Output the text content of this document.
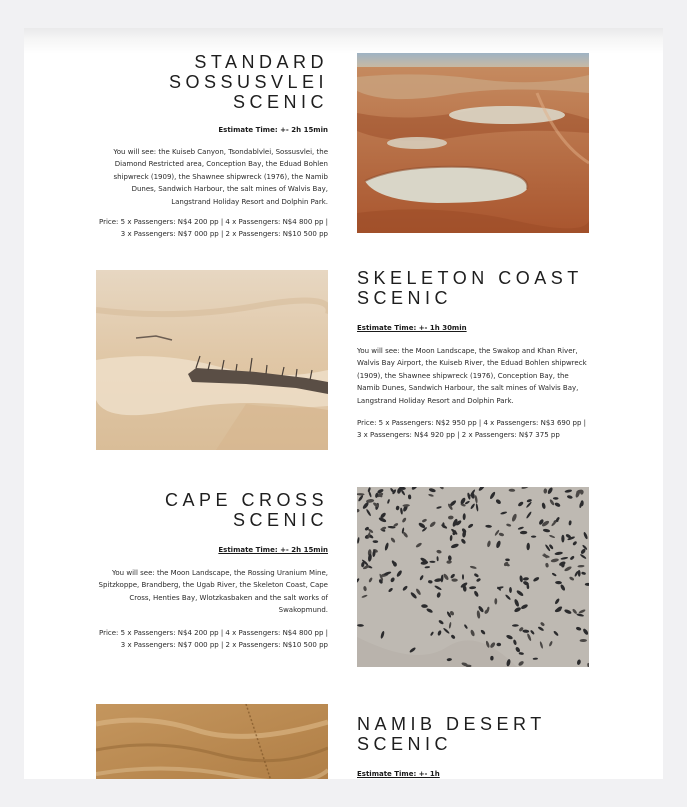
STANDARD
SOSSUSVLEI SCENIC
Estimate Time: +- 2h 15min

You will see: the Kuiseb Canyon, Tsondablvlei, Sossusvlei, the Diamond Restricted area, Conception Bay, the Eduad Bohlen shipwreck (1909), the Shawnee shipwreck (1976), the Namib Dunes, Sandwich Harbour, the salt mines of Walvis Bay, Langstrand Holiday Resort and Dolphin Park.

Price: 5 x Passengers: N$4 200 pp | 4 x Passengers: N$4 800 pp |
3 x Passengers: N$7 000 pp | 2 x Passengers: N$10 500 pp

SKELETON COAST
SCENIC
Estimate Time: +- 1h 30min

You will see: the Moon Landscape, the Swakop and Khan River, Walvis Bay Airport, the Kuiseb River, the Eduad Bohlen shipwreck (1909), the Shawnee shipwreck (1976), Conception Bay, the Namib Dunes, Sandwich Harbour, the salt mines of Walvis Bay, Langstrand Holiday Resort and Dolphin Park.

Price: 5 x Passengers: N$2 950 pp | 4 x Passengers: N$3 690 pp |
3 x Passengers: N$4 920 pp | 2 x Passengers: N$7 375 pp

CAPE CROSS SCENIC
Estimate Time: +- 2h 15min

You will see: the Moon Landscape, the Rossing Uranium Mine, Spitzkoppe, Brandberg, the Ugab River, the Skeleton Coast, Cape Cross, Henties Bay, Wlotzkasbaken and the salt works of Swakopmund.

Price: 5 x Passengers: N$4 200 pp | 4 x Passengers: N$4 800 pp |
3 x Passengers: N$7 000 pp | 2 x Passengers: N$10 500 pp

NAMIB DESERT
SCENIC
Estimate Time: +- 1h
